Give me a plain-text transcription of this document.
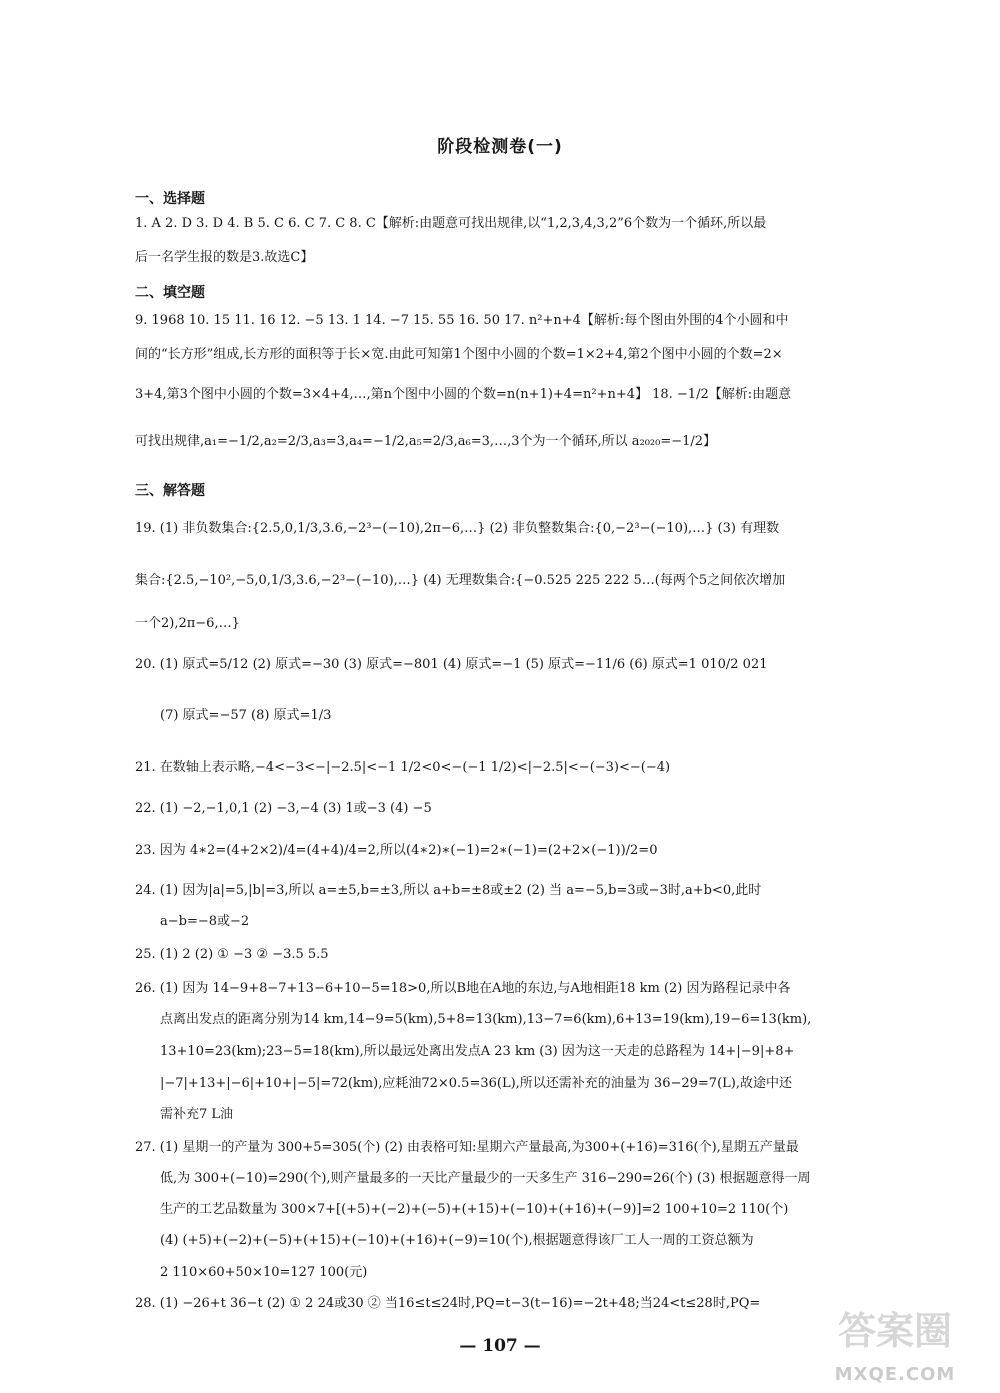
阶段检测卷(一)
一、选择题
1. A 2. D 3. D 4. B 5. C 6. C 7. C 8. C【解析:由题意可找出规律,以“1,2,3,4,3,2”6个数为一个循环,所以最
后一名学生报的数是3.故选C】
二、填空题
9. 1968 10. 15 11. 16 12. −5 13. 1 14. −7 15. 55 16. 50 17. n²+n+4【解析:每个图由外围的4个小圆和中
间的“长方形”组成,长方形的面积等于长×宽.由此可知第1个图中小圆的个数=1×2+4,第2个图中小圆的个数=2×
3+4,第3个图中小圆的个数=3×4+4,…,第n个图中小圆的个数=n(n+1)+4=n²+n+4】 18. −1/2【解析:由题意
可找出规律,a₁=−1/2,a₂=2/3,a₃=3,a₄=−1/2,a₅=2/3,a₆=3,…,3个为一个循环,所以 a₂₀₂₀=−1/2】
三、解答题
19. (1) 非负数集合:{2.5,0,1/3,3.6,−2³−(−10),2π−6,…} (2) 非负整数集合:{0,−2³−(−10),…} (3) 有理数
集合:{2.5,−10²,−5,0,1/3,3.6,−2³−(−10),…} (4) 无理数集合:{−0.525 225 222 5…(每两个5之间依次增加
一个2),2π−6,…}
20. (1) 原式=5/12 (2) 原式=−30 (3) 原式=−801 (4) 原式=−1 (5) 原式=−11/6 (6) 原式=1 010/2 021
(7) 原式=−57 (8) 原式=1/3
21. 在数轴上表示略,−4<−3<−|−2.5|<−1 1/2<0<−(−1 1/2)<|−2.5|<−(−3)<−(−4)
22. (1) −2,−1,0,1 (2) −3,−4 (3) 1或−3 (4) −5
23. 因为 4∗2=(4+2×2)/4=(4+4)/4=2,所以(4∗2)∗(−1)=2∗(−1)=(2+2×(−1))/2=0
24. (1) 因为|a|=5,|b|=3,所以 a=±5,b=±3,所以 a+b=±8或±2 (2) 当 a=−5,b=3或−3时,a+b<0,此时
a−b=−8或−2
25. (1) 2 (2) ① −3 ② −3.5 5.5
26. (1) 因为 14−9+8−7+13−6+10−5=18>0,所以B地在A地的东边,与A地相距18 km (2) 因为路程记录中各
点离出发点的距离分别为14 km,14−9=5(km),5+8=13(km),13−7=6(km),6+13=19(km),19−6=13(km),
13+10=23(km);23−5=18(km),所以最远处离出发点A 23 km (3) 因为这一天走的总路程为 14+|−9|+8+
|−7|+13+|−6|+10+|−5|=72(km),应耗油72×0.5=36(L),所以还需补充的油量为 36−29=7(L),故途中还
需补充7 L油
27. (1) 星期一的产量为 300+5=305(个) (2) 由表格可知:星期六产量最高,为300+(+16)=316(个),星期五产量最
低,为 300+(−10)=290(个),则产量最多的一天比产量最少的一天多生产 316−290=26(个) (3) 根据题意得一周
生产的工艺品数量为 300×7+[(+5)+(−2)+(−5)+(+15)+(−10)+(+16)+(−9)]=2 100+10=2 110(个)
(4) (+5)+(−2)+(−5)+(+15)+(−10)+(+16)+(−9)=10(个),根据题意得该厂工人一周的工资总额为
2 110×60+50×10=127 100(元)
28. (1) −26+t 36−t (2) ① 2 24或30 ② 当16≤t≤24时,PQ=t−3(t−16)=−2t+48;当24<t≤28时,PQ=
— 107 —	答案圈
MXQE.COM
